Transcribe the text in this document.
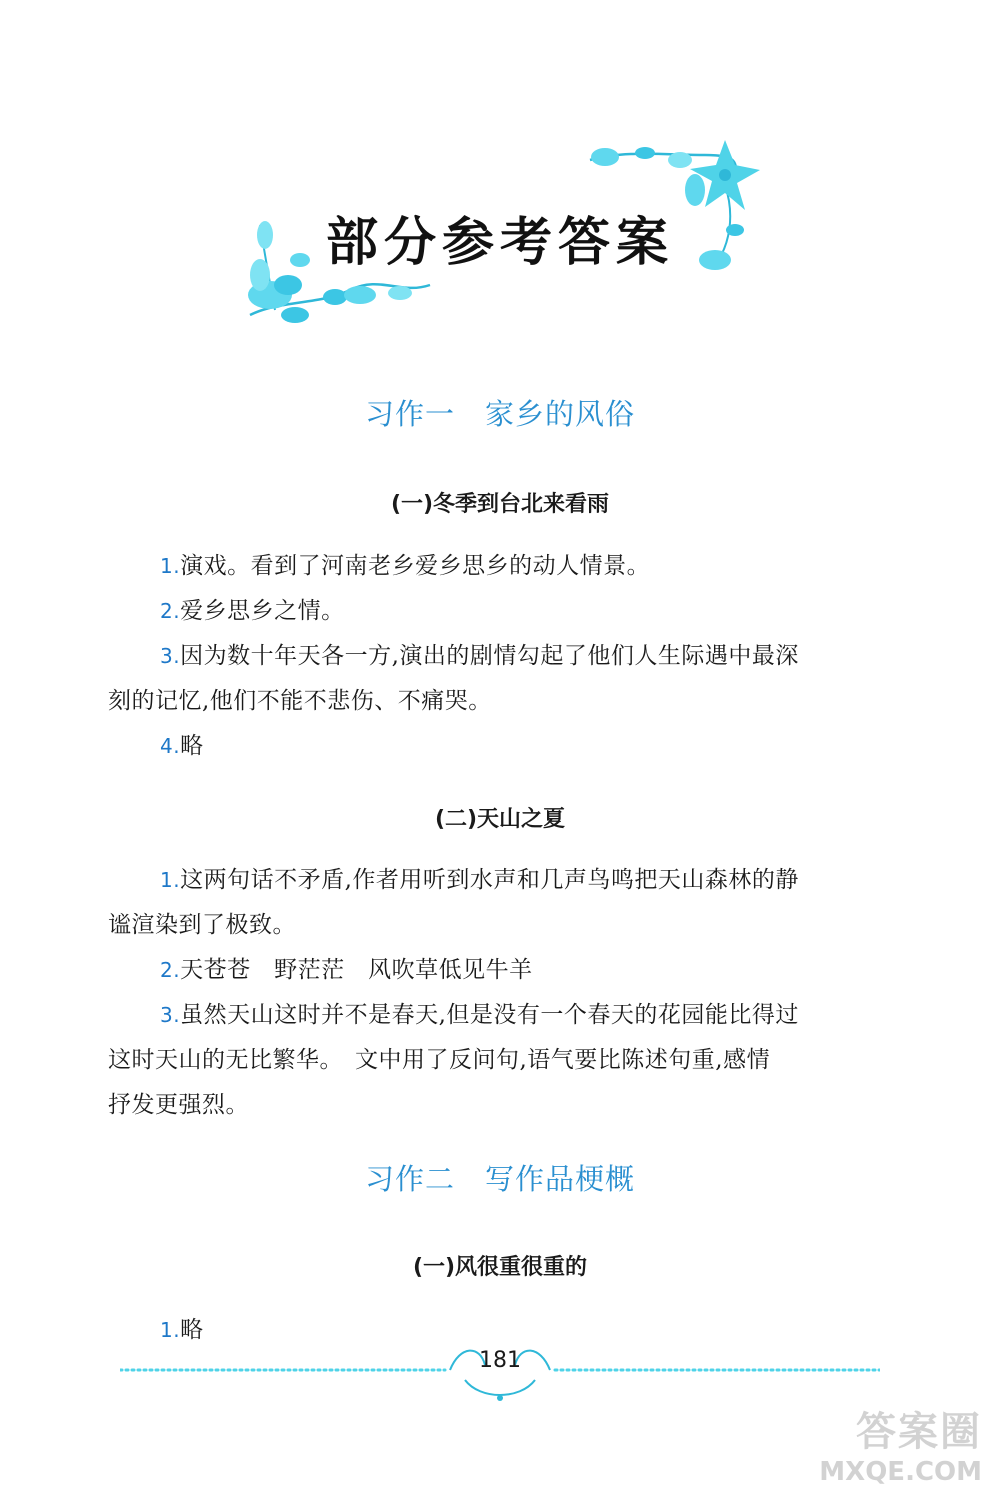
部分参考答案
习作一　家乡的风俗
(一)冬季到台北来看雨
1.演戏。看到了河南老乡爱乡思乡的动人情景。
2.爱乡思乡之情。
3.因为数十年天各一方,演出的剧情勾起了他们人生际遇中最深
刻的记忆,他们不能不悲伤、不痛哭。
4.略
(二)天山之夏
1.这两句话不矛盾,作者用听到水声和几声鸟鸣把天山森林的静
谧渲染到了极致。
2.天苍苍　野茫茫　风吹草低见牛羊
3.虽然天山这时并不是春天,但是没有一个春天的花园能比得过
这时天山的无比繁华。　文中用了反问句,语气要比陈述句重,感情
抒发更强烈。
习作二　写作品梗概
(一)风很重很重的
1.略
181
答案圈
MXQE.COM
